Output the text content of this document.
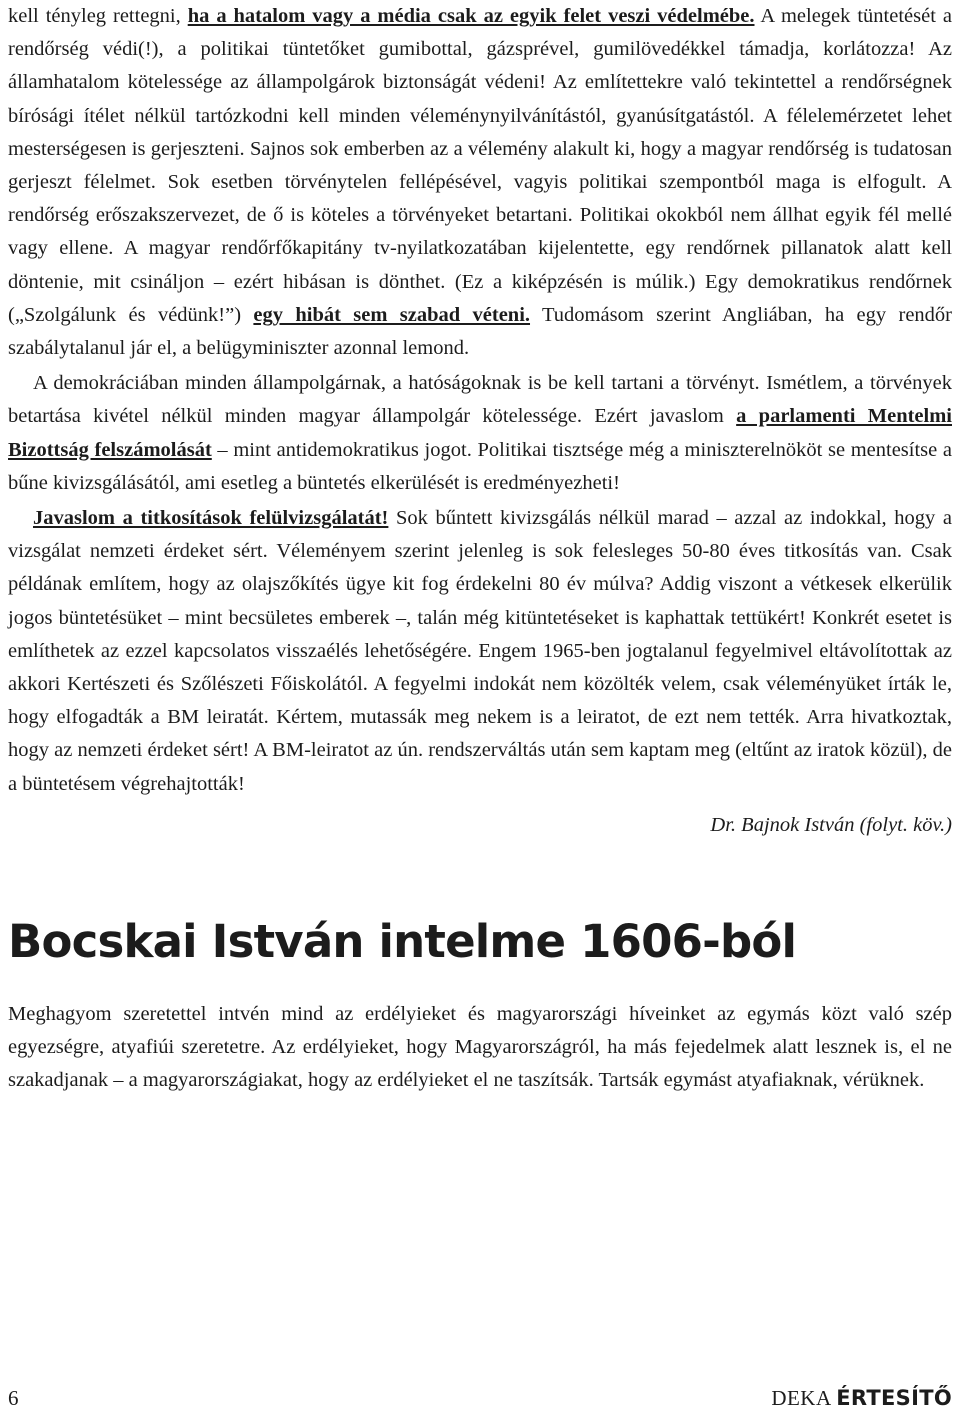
kell tényleg rettegni, ha a hatalom vagy a média csak az egyik felet veszi védelmébe. A melegek tüntetését a rendőrség védi(!), a politikai tüntetőket gumibottal, gázsprével, gumilövedékkel támadja, korlátozza! Az államhatalom kötelessége az állampolgárok biztonságát védeni! Az említettekre való tekintettel a rendőrségnek bírósági ítélet nélkül tartózkodni kell minden véleménynyilvánítástól, gyanúsítgatástól. A félelemérzetet lehet mesterségesen is gerjeszteni. Sajnos sok emberben az a vélemény alakult ki, hogy a magyar rendőrség is tudatosan gerjeszt félelmet. Sok esetben törvénytelen fellépésével, vagyis politikai szempontból maga is elfogult. A rendőrség erőszakszervezet, de ő is köteles a törvényeket betartani. Politikai okokból nem állhat egyik fél mellé vagy ellene. A magyar rendőrfőkapitány tv-nyilatkozatában kijelentette, egy rendőrnek pillanatok alatt kell döntenie, mit csináljon – ezért hibásan is dönthet. (Ez a kiképzésén is múlik.) Egy demokratikus rendőrnek („Szolgálunk és védünk!”) egy hibát sem szabad véteni. Tudomásom szerint Angliában, ha egy rendőr szabálytalanul jár el, a belügyminiszter azonnal lemond.

A demokráciában minden állampolgárnak, a hatóságoknak is be kell tartani a törvényt. Ismétlem, a törvények betartása kivétel nélkül minden magyar állampolgár kötelessége. Ezért javaslom a parlamenti Mentelmi Bizottság felszámolását – mint antidemokratikus jogot. Politikai tisztsége még a miniszterelnököt se mentesítse a bűne kivizsgálásától, ami esetleg a büntetés elkerülését is eredményezheti!

Javaslom a titkosítások felülvizsgálatát! Sok bűntett kivizsgálás nélkül marad – azzal az indokkal, hogy a vizsgálat nemzeti érdeket sért. Véleményem szerint jelenleg is sok felesleges 50-80 éves titkosítás van. Csak példának említem, hogy az olajszőkítés ügye kit fog érdekelni 80 év múlva? Addig viszont a vétkesek elkerülik jogos büntetésüket – mint becsületes emberek –, talán még kitüntetéseket is kaphattak tettükért! Konkrét esetet is említhetek az ezzel kapcsolatos visszaélés lehetőségére. Engem 1965-ben jogtalanul fegyelmivel eltávolítottak az akkori Kertészeti és Szőlészeti Főiskolától. A fegyelmi indokát nem közölték velem, csak véleményüket írták le, hogy elfogadták a BM leiratát. Kértem, mutassák meg nekem is a leiratot, de ezt nem tették. Arra hivatkoztak, hogy az nemzeti érdeket sért! A BM-leiratot az ún. rendszerváltás után sem kaptam meg (eltűnt az iratok közül), de a büntetésem végrehajtották!

Dr. Bajnok István (folyt. köv.)

Bocskai István intelme 1606-ból

Meghagyom szeretettel intvén mind az erdélyieket és magyarországi híveinket az egymás közt való szép egyezségre, atyafiúi szeretetre. Az erdélyieket, hogy Magyarországról, ha más fejedelmek alatt lesznek is, el ne szakadjanak – a magyarországiakat, hogy az erdélyieket el ne taszítsák. Tartsák egymást atyafiaknak, vérüknek.

6	DEKA ÉRTESÍTŐ
